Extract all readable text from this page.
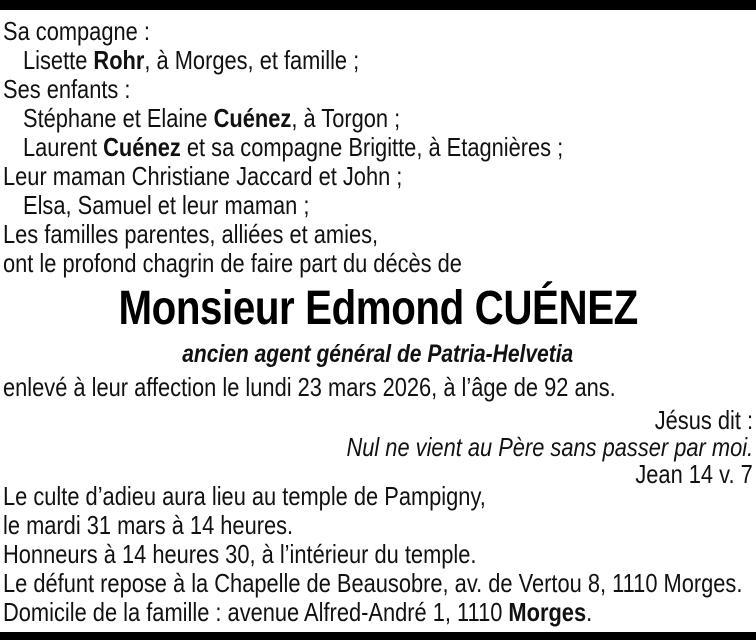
Sa compagne :
Lisette Rohr, à Morges, et famille ;
Ses enfants :
Stéphane et Elaine Cuénez, à Torgon ;
Laurent Cuénez et sa compagne Brigitte, à Etagnières ;
Leur maman Christiane Jaccard et John ;
Elsa, Samuel et leur maman ;
Les familles parentes, alliées et amies,
ont le profond chagrin de faire part du décès de
Monsieur Edmond CUÉNEZ
ancien agent général de Patria-Helvetia
enlevé à leur affection le lundi 23 mars 2026, à l’âge de 92 ans.
Jésus dit :
Nul ne vient au Père sans passer par moi.
Jean 14 v. 7
Le culte d’adieu aura lieu au temple de Pampigny,
le mardi 31 mars à 14 heures.
Honneurs à 14 heures 30, à l’intérieur du temple.
Le défunt repose à la Chapelle de Beausobre, av. de Vertou 8, 1110 Morges.
Domicile de la famille : avenue Alfred-André 1, 1110 Morges.
